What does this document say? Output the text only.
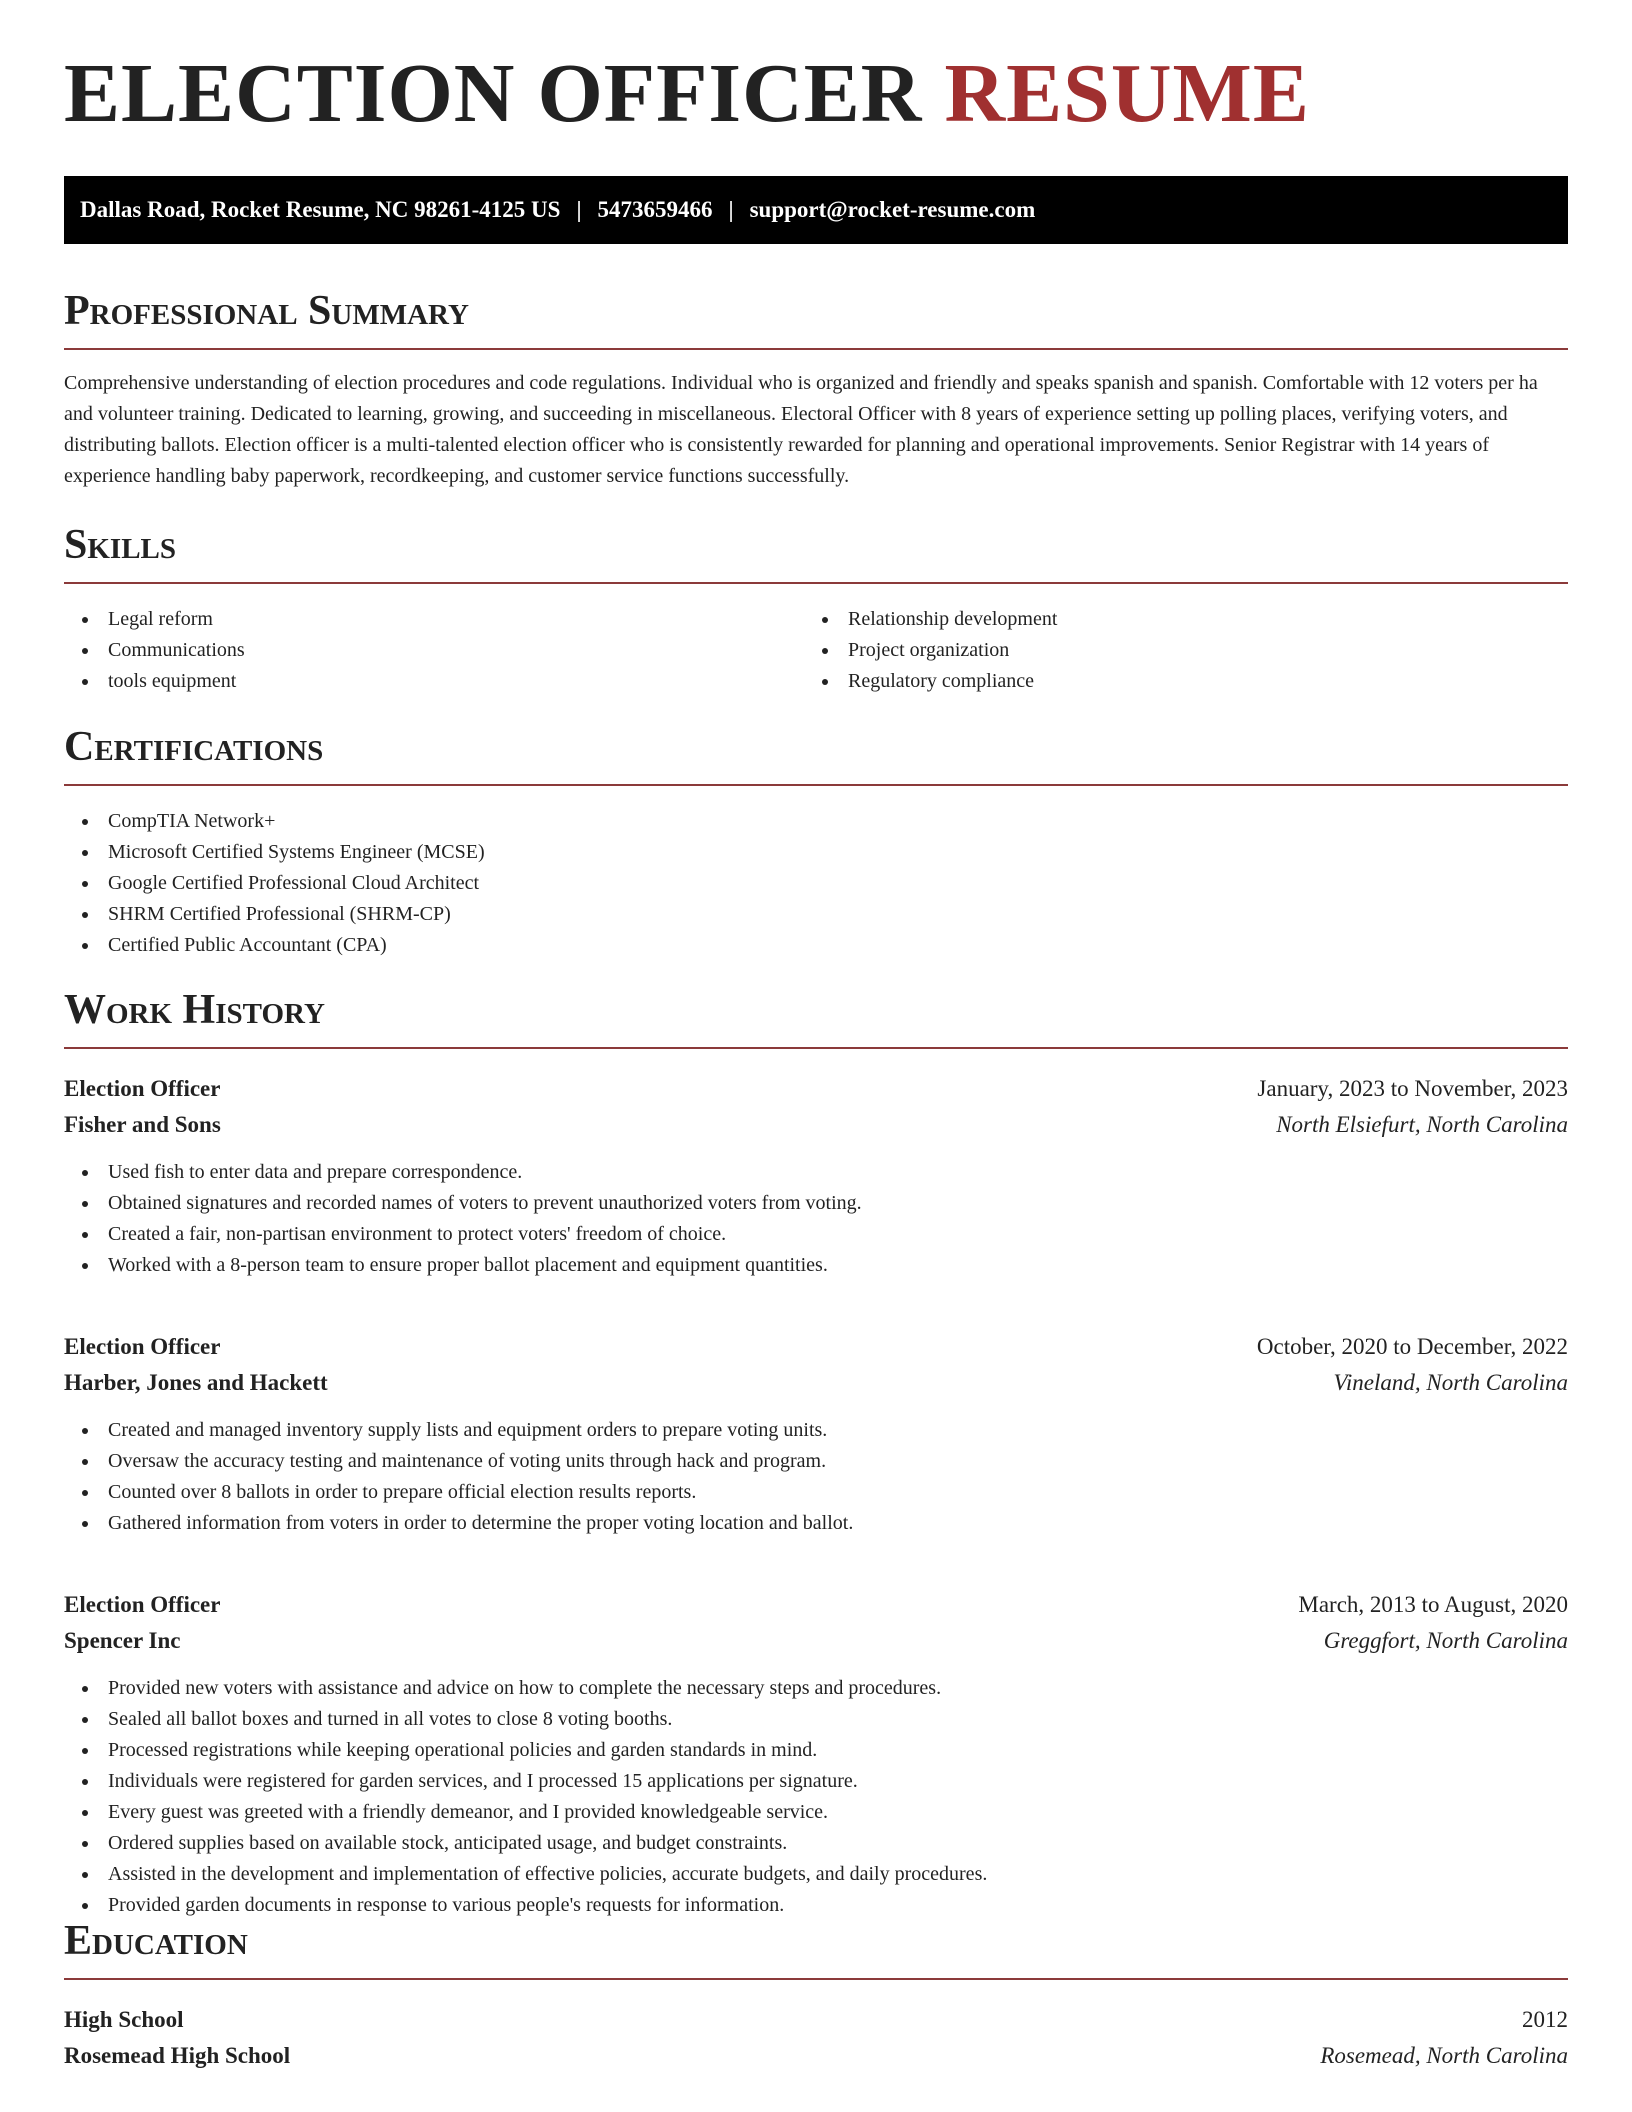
ELECTION OFFICER RESUME
Dallas Road, Rocket Resume, NC 98261-4125 US | 5473659466 | support@rocket-resume.com
Professional Summary

Comprehensive understanding of election procedures and code regulations. Individual who is organized and friendly and speaks spanish and spanish. Comfortable with 12 voters per ha and volunteer training. Dedicated to learning, growing, and succeeding in miscellaneous. Electoral Officer with 8 years of experience setting up polling places, verifying voters, and distributing ballots. Election officer is a multi-talented election officer who is consistently rewarded for planning and operational improvements. Senior Registrar with 14 years of experience handling baby paperwork, recordkeeping, and customer service functions successfully.

Skills
Legal reform
Communications
tools equipment
Relationship development
Project organization
Regulatory compliance
Certifications
CompTIA Network+
Microsoft Certified Systems Engineer (MCSE)
Google Certified Professional Cloud Architect
SHRM Certified Professional (SHRM-CP)
Certified Public Accountant (CPA)
Work History
Election Officer	January, 2023 to November, 2023
Fisher and Sons	North Elsiefurt, North Carolina
Used fish to enter data and prepare correspondence.
Obtained signatures and recorded names of voters to prevent unauthorized voters from voting.
Created a fair, non-partisan environment to protect voters' freedom of choice.
Worked with a 8-person team to ensure proper ballot placement and equipment quantities.
Election Officer	October, 2020 to December, 2022
Harber, Jones and Hackett	Vineland, North Carolina
Created and managed inventory supply lists and equipment orders to prepare voting units.
Oversaw the accuracy testing and maintenance of voting units through hack and program.
Counted over 8 ballots in order to prepare official election results reports.
Gathered information from voters in order to determine the proper voting location and ballot.
Election Officer	March, 2013 to August, 2020
Spencer Inc	Greggfort, North Carolina
Provided new voters with assistance and advice on how to complete the necessary steps and procedures.
Sealed all ballot boxes and turned in all votes to close 8 voting booths.
Processed registrations while keeping operational policies and garden standards in mind.
Individuals were registered for garden services, and I processed 15 applications per signature.
Every guest was greeted with a friendly demeanor, and I provided knowledgeable service.
Ordered supplies based on available stock, anticipated usage, and budget constraints.
Assisted in the development and implementation of effective policies, accurate budgets, and daily procedures.
Provided garden documents in response to various people's requests for information.
Education
High School	2012
Rosemead High School	Rosemead, North Carolina
